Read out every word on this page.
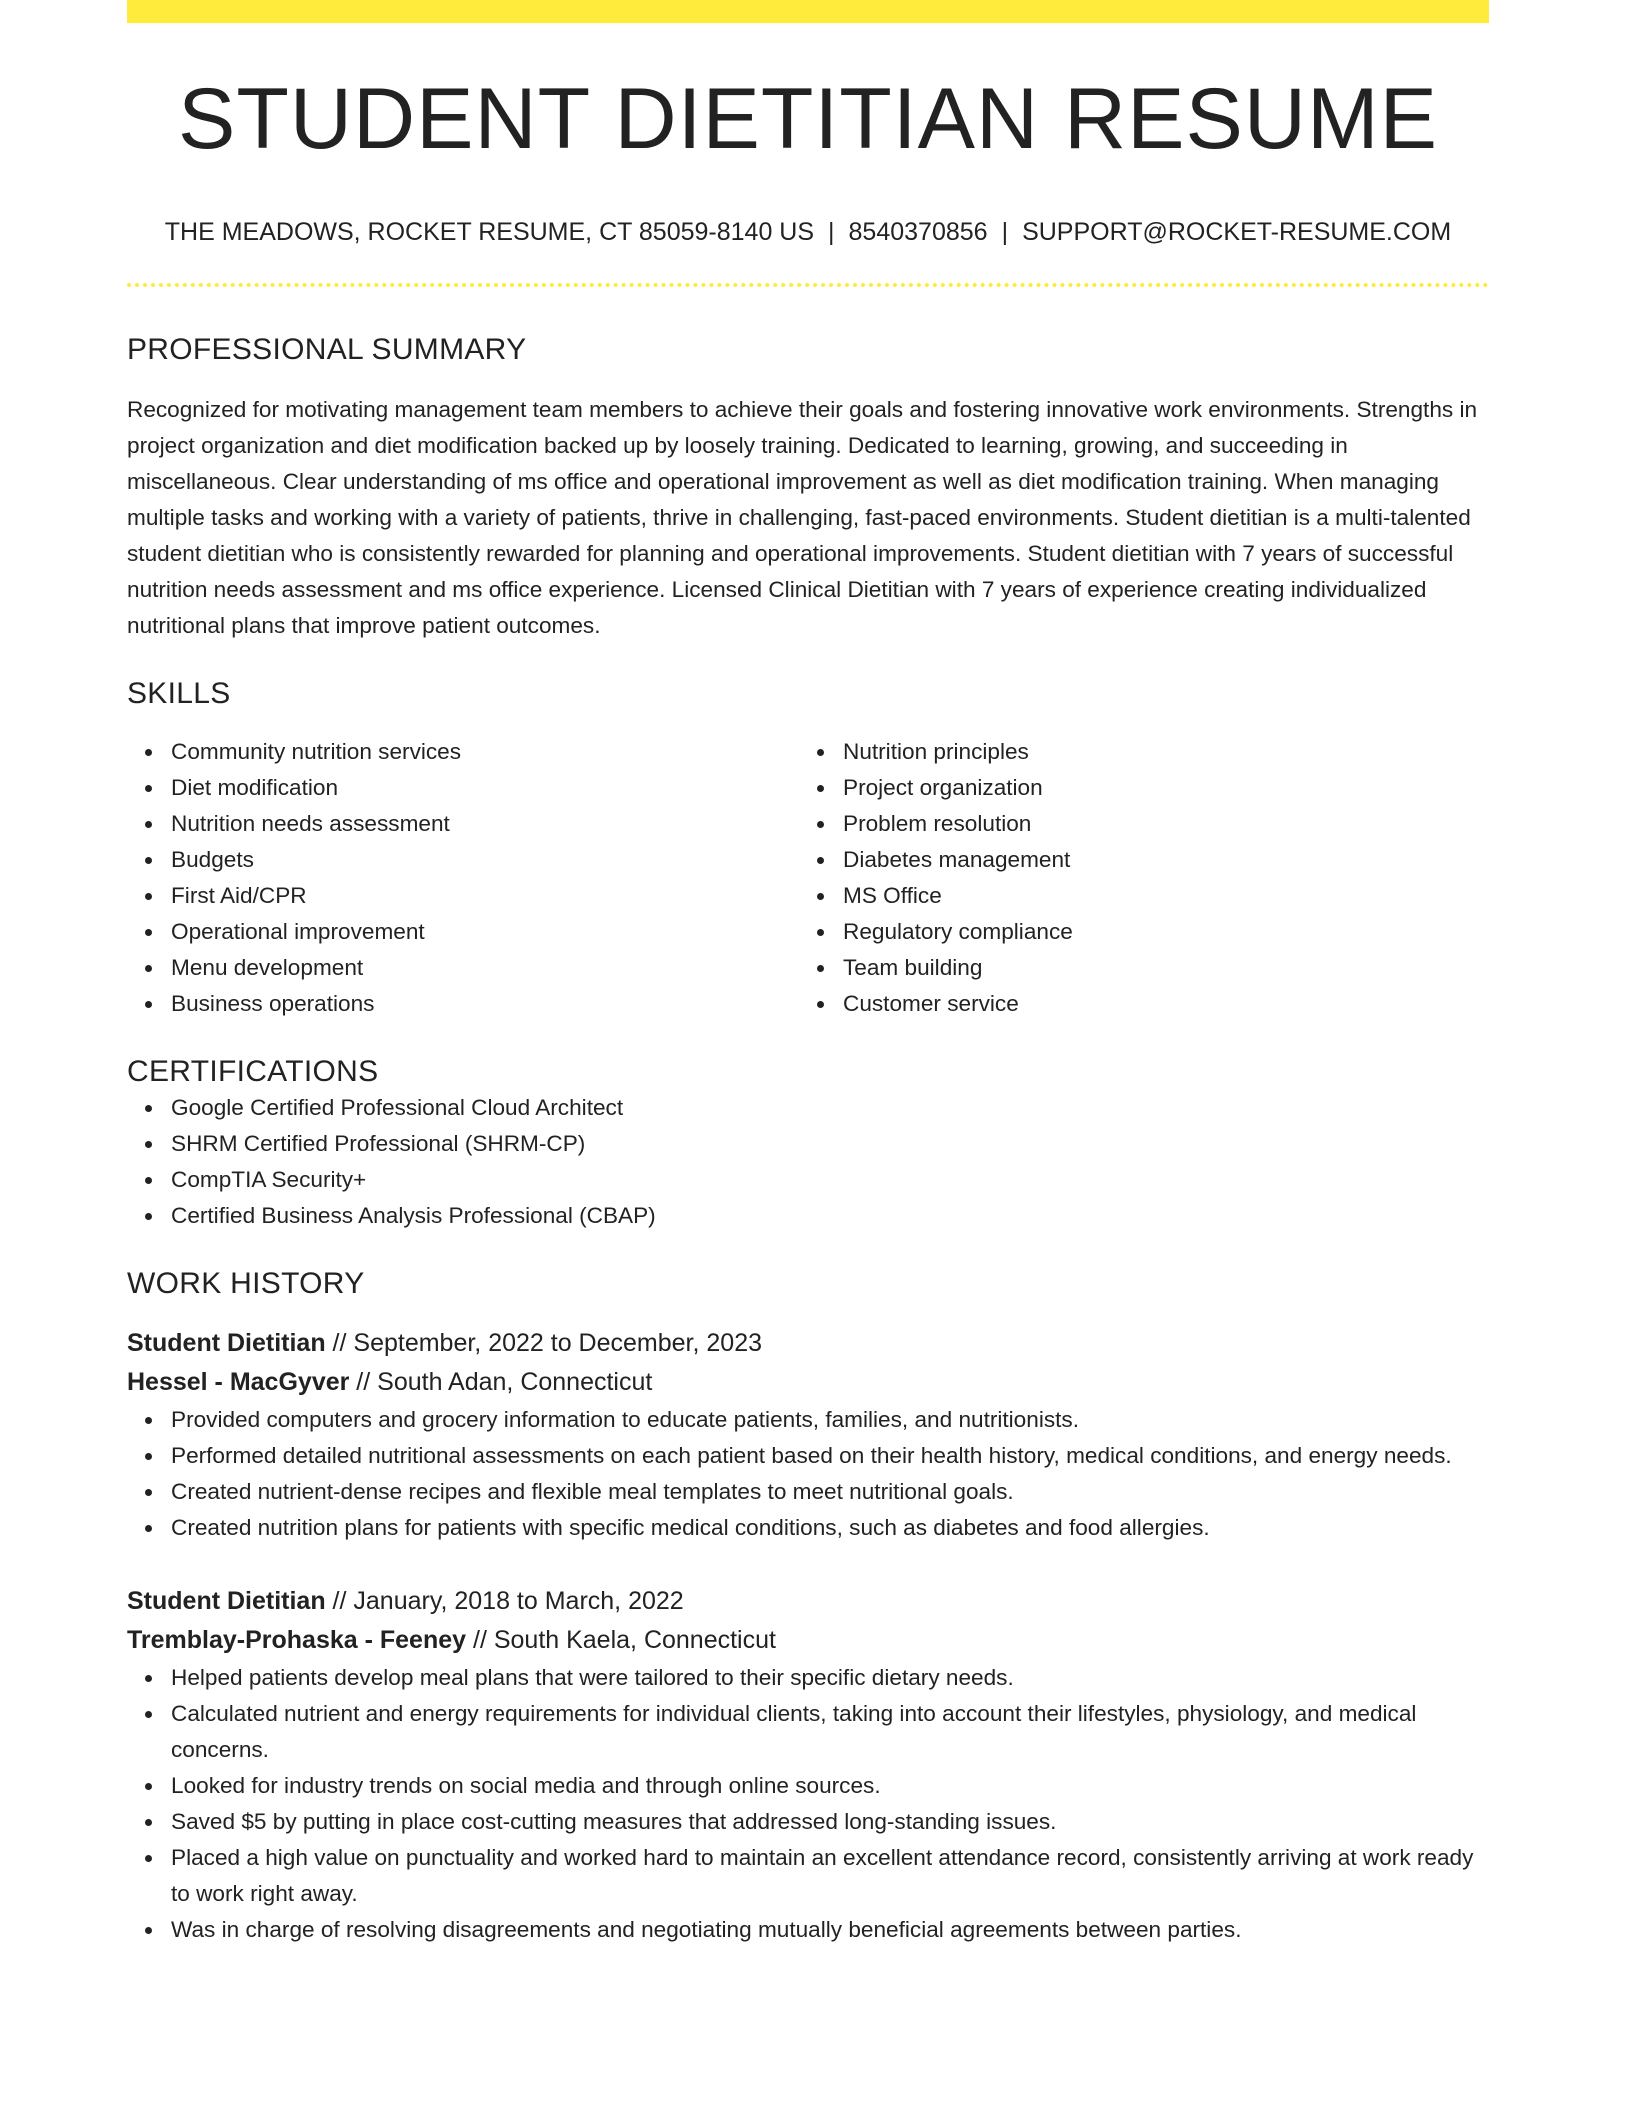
STUDENT DIETITIAN RESUME
THE MEADOWS, ROCKET RESUME, CT 85059-8140 US | 8540370856 | SUPPORT@ROCKET-RESUME.COM
PROFESSIONAL SUMMARY
Recognized for motivating management team members to achieve their goals and fostering innovative work environments. Strengths in project organization and diet modification backed up by loosely training. Dedicated to learning, growing, and succeeding in miscellaneous. Clear understanding of ms office and operational improvement as well as diet modification training. When managing multiple tasks and working with a variety of patients, thrive in challenging, fast-paced environments. Student dietitian is a multi-talented student dietitian who is consistently rewarded for planning and operational improvements. Student dietitian with 7 years of successful nutrition needs assessment and ms office experience. Licensed Clinical Dietitian with 7 years of experience creating individualized nutritional plans that improve patient outcomes.
SKILLS
Community nutrition services
Diet modification
Nutrition needs assessment
Budgets
First Aid/CPR
Operational improvement
Menu development
Business operations
Nutrition principles
Project organization
Problem resolution
Diabetes management
MS Office
Regulatory compliance
Team building
Customer service
CERTIFICATIONS
Google Certified Professional Cloud Architect
SHRM Certified Professional (SHRM-CP)
CompTIA Security+
Certified Business Analysis Professional (CBAP)
WORK HISTORY
Student Dietitian // September, 2022 to December, 2023
Hessel - MacGyver // South Adan, Connecticut
Provided computers and grocery information to educate patients, families, and nutritionists.
Performed detailed nutritional assessments on each patient based on their health history, medical conditions, and energy needs.
Created nutrient-dense recipes and flexible meal templates to meet nutritional goals.
Created nutrition plans for patients with specific medical conditions, such as diabetes and food allergies.
Student Dietitian // January, 2018 to March, 2022
Tremblay-Prohaska - Feeney // South Kaela, Connecticut
Helped patients develop meal plans that were tailored to their specific dietary needs.
Calculated nutrient and energy requirements for individual clients, taking into account their lifestyles, physiology, and medical concerns.
Looked for industry trends on social media and through online sources.
Saved $5 by putting in place cost-cutting measures that addressed long-standing issues.
Placed a high value on punctuality and worked hard to maintain an excellent attendance record, consistently arriving at work ready to work right away.
Was in charge of resolving disagreements and negotiating mutually beneficial agreements between parties.
